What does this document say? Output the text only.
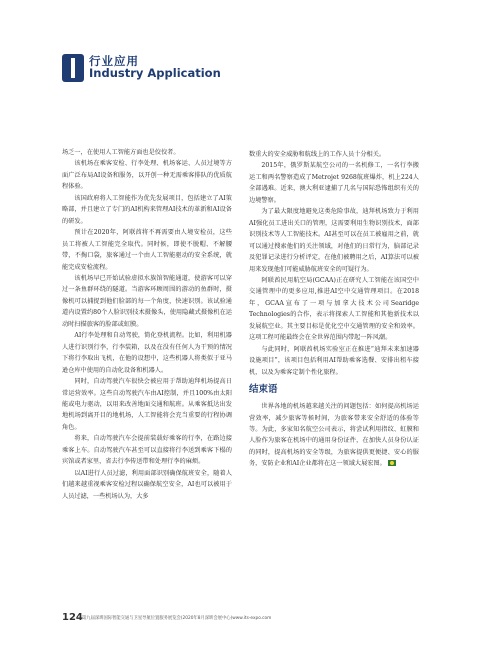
行业应用
Industry Application

场乏一，在使用人工智能方面也是佼佼者。

该机场在乘客安检、行李处理、机场客运、人员过境等方面广泛布局AI设备和服务，以开创一种无需乘客排队的优质航程体验。

该国政府将人工智能作为优先发展项目，包括建立了AI策略部，并且建立了专门的AI机构来管理AI技术的革新和AI设备的研发。

预计在2020年，阿联酋将不再需要由人境安检员，这些员工将被人工智能完全取代。同时候，即使不脱帽、不解腰带，不掏口袋，旅客通过一个由人工智能驱动的安全系统，就能完成安检流程。

该机场早已开始试验虚拟水族馆智能通道，使游客可以穿过一条鱼群环绕的隧道。当游客环顾周围的游动的鱼群时，摄像机可以捕捉到他们脸部的每一个角度，快速识别。该试验通道内设置约80个人脸识别技术摄像头，使用隐藏式摄像机在运动时扫描旅客的脸部或虹膜。

AI行李处理和自动驾驶，简化登机流程。比如，利用机器人进行识别行李，行李装箱，以及在没有任何人为干预的情况下将行李取出飞机，在他的设想中，这些机器人将类似于亚马逊仓库中使用的自动化设备和机器人。

同时，自动驾驶汽车很快会被应用于帮助迪拜机场提高日常运营效率。这些自动驾驶汽车由AI控制，并且100%由太阳能或电力驱动，以用来改善地面交通和航班。从乘客抵达出发地机场到离开目的地机场，人工智能将会充当重要的行程协调角色。

将来，自动驾驶汽车会提前装载好乘客的行李，在路边接乘客上车。自动驾驶汽车甚至可以直接将行李送到乘客下榻的宾馆或者家里，省去行李传送带和处理行李的麻烦。

以AI进行人员过滤，利用面部识别确保航班安全，随着人们越来越重视乘客安检过程以确保航空安全，AI也可以被用于人员过滤，一些机场认为，大多

数重大的安全威胁和航线上的工作人员十分相关。

2015年，俄罗斯某航空公司的一名机修工，一名行李搬运工和两名警察造成了Metrojet 9268航班爆炸，机上224人全部遇难。近来，澳大利亚逮捕了几名与国际恐怖组织有关的边境警察。

为了最大限度地避免这类危险事故，迪拜机场致力于利用AI强化员工进出关口的管理，这需要利用生物识别技术，面部识别技术等人工智能技术。AI甚至可以在员工被雇用之前，就可以通过搜索他们的关注领域，对他们的日常行为，脑部记录及犯罪记录进行分析评定，在他们被聘用之后，AI算法可以被用来发现他们可能威胁航班安全的可疑行为。

阿联酋民用航空局(GCAA)正在研究人工智能在该国空中交通管理中的更多应用,推进AI空中交通管理项目。在2018年，GCAA宣布了一项与加拿大技术公司Searidge Technologies的合作，表示将探索人工智能和其他新技术以发展航空业。其主要目标是优化空中交通管理的安全和效率。这项工程可能最终会在全世界范围内带起一阵风潮。

与此同时，阿联酋机场实验室正在推进“迪拜未来加速器设施项目”，该项目包括利用AI帮助乘客选餐、安排出租车接机，以及为乘客定制个性化旅程。

结束语

世界各地的机场越来越关注的问题包括：如何提高机场运营效率，减少旅客等候时间，为旅客带来安全舒适的体验等等。为此，多家知名航空公司表示，将尝试利用指纹、虹膜和人脸作为旅客在机场中的通用身份证件，在加快人员身份认证的同时，提高机场的安全等级，为旅客提供更便捷、安心的服务，安防企业和AI企业都将在这一领域大展宏图。

124 第九届深圳国际智能交通与卫星导航位置服务展览会(2020年8月深圳会展中心)www.its-expo.com
